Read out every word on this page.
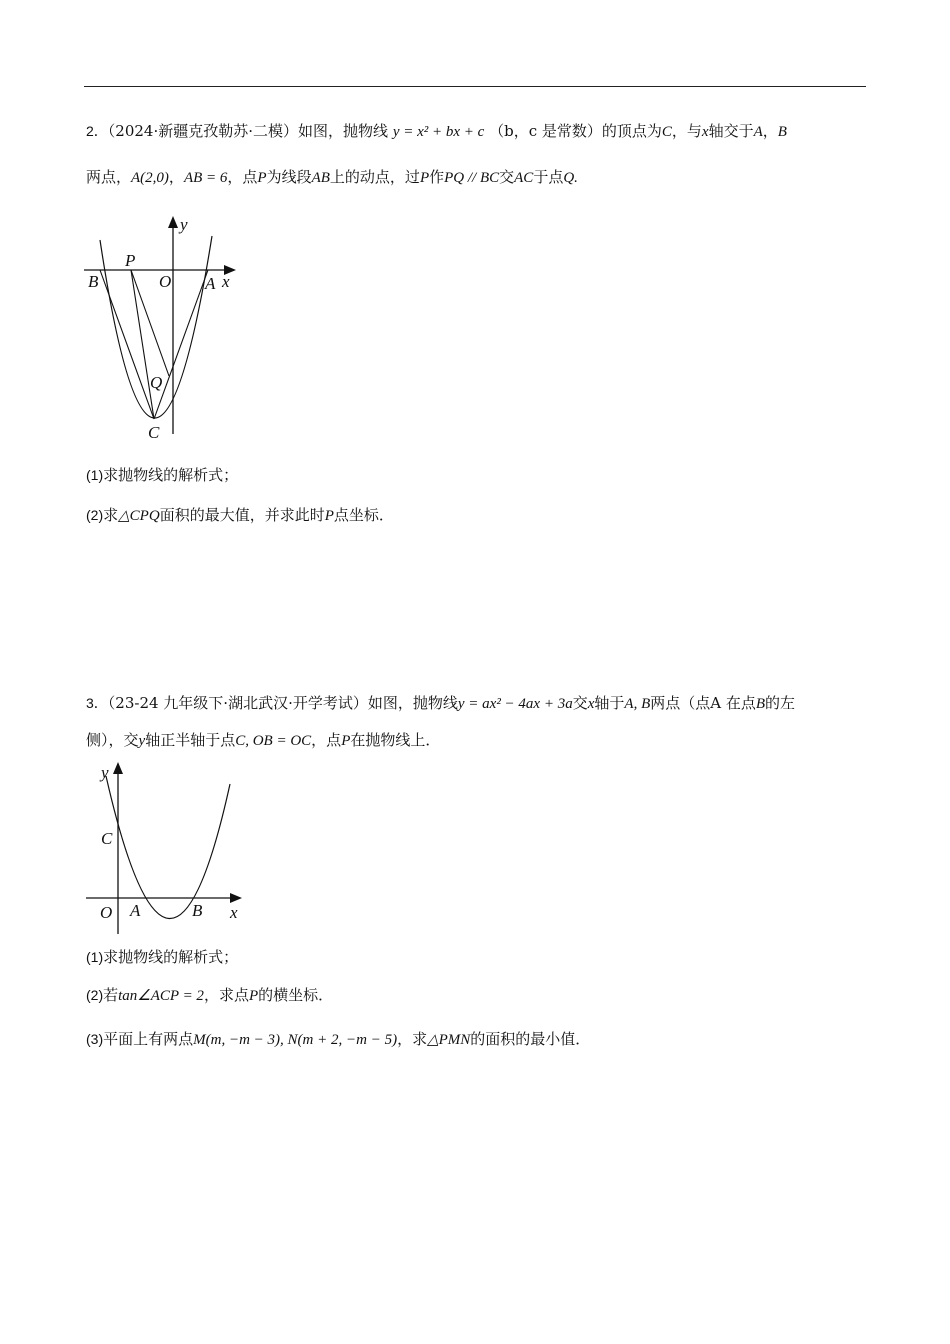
2．（2024·新疆克孜勒苏·二模）如图，抛物线 y = x² + bx + c （b，c 是常数）的顶点为C，与x轴交于A，B
两点，A(2,0)，AB = 6，点P为线段AB上的动点，过P作PQ // BC交AC于点Q.
y
x
B
P
O A
Q
C
(1)求抛物线的解析式；
(2)求△CPQ面积的最大值，并求此时P点坐标．
3．（23-24 九年级下·湖北武汉·开学考试）如图，抛物线y = ax² − 4ax + 3a交x轴于A, B两点（点A 在点B的左
侧），交y轴正半轴于点C, OB = OC，点P在抛物线上．
y
C
O A	B x
(1)求抛物线的解析式；
(2)若tan∠ACP = 2，求点P的横坐标．
(3)平面上有两点M(m, −m − 3), N(m + 2, −m − 5)，求△PMN的面积的最小值．
